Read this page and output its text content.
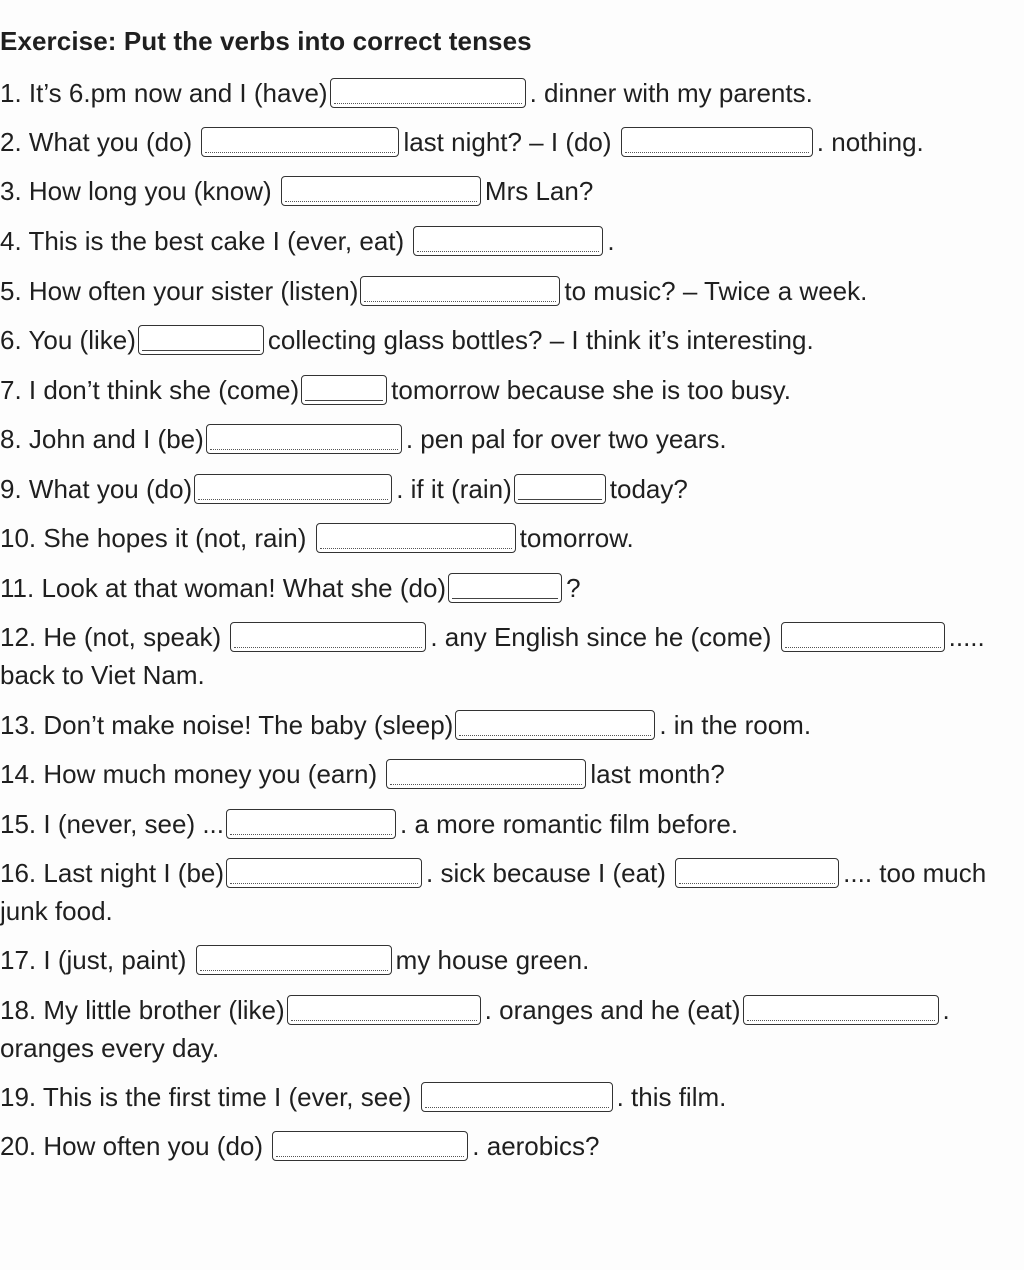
Exercise: Put the verbs into correct tenses
1. It’s 6.pm now and I (have)	. dinner with my parents.
2. What you (do)	last night? – I (do)	. nothing.
3. How long you (know)	Mrs Lan?
4. This is the best cake I (ever, eat)	.
5. How often your sister (listen)	to music? – Twice a week.
6. You (like)	collecting glass bottles? – I think it’s interesting.
7. I don’t think she (come)	tomorrow because she is too busy.
8. John and I (be)	. pen pal for over two years.
9. What you (do)	. if it (rain)	today?
10. She hopes it (not, rain)	tomorrow.
11. Look at that woman! What she (do)	?
12. He (not, speak)	. any English since he (come)	.....
back to Viet Nam.
13. Don’t make noise! The baby (sleep)	. in the room.
14. How much money you (earn)	last month?
15. I (never, see) ...	. a more romantic film before.
16. Last night I (be)	. sick because I (eat)	.... too much
junk food.
17. I (just, paint)	my house green.
18. My little brother (like)	. oranges and he (eat)	.
oranges every day.
19. This is the first time I (ever, see)	. this film.
20. How often you (do)	. aerobics?
